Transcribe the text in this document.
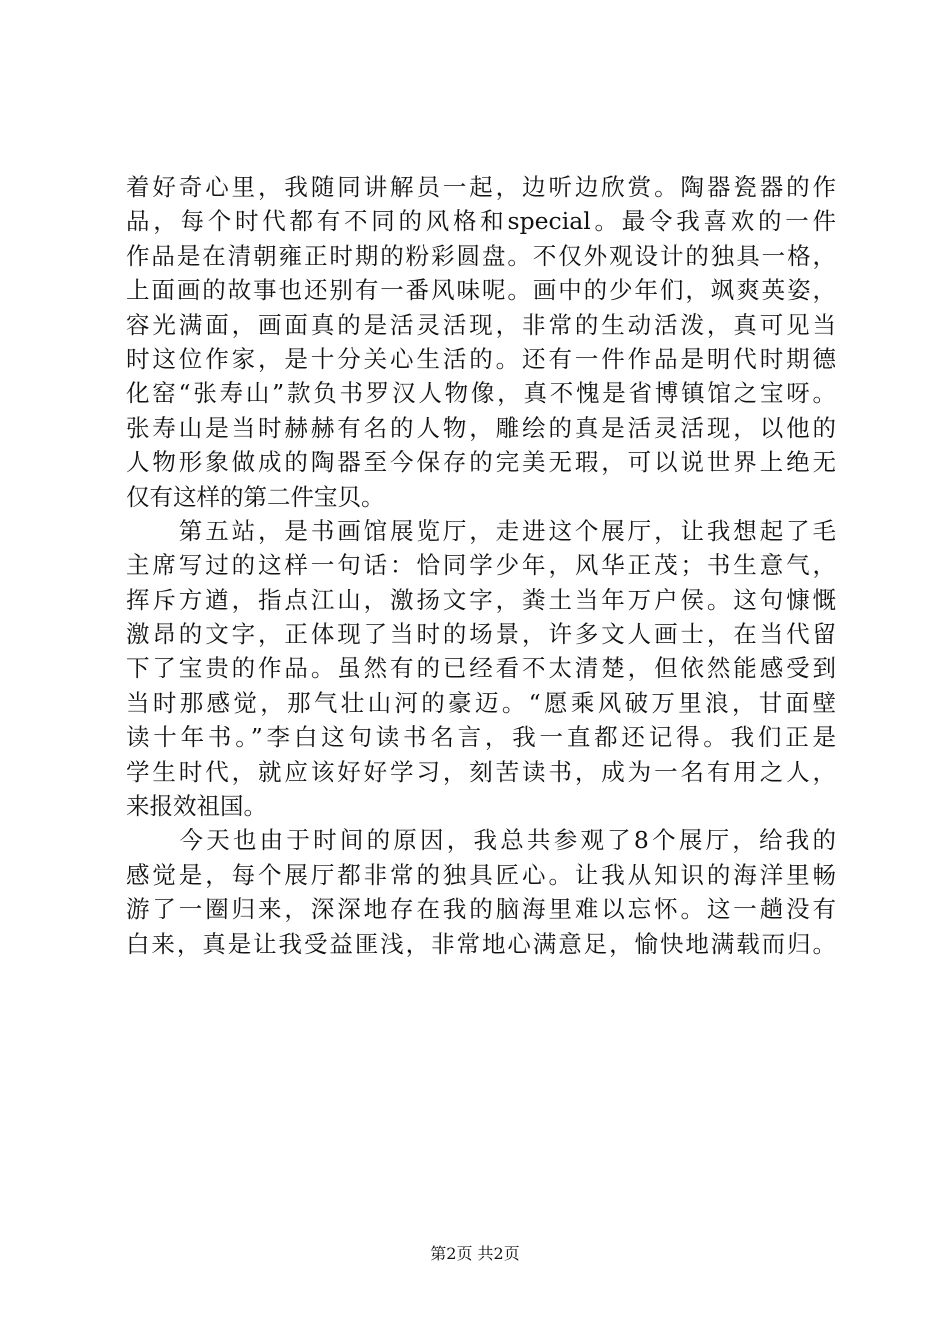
着好奇心里，我随同讲解员一起，边听边欣赏。陶器瓷器的作
品，每个时代都有不同的风格和special。最令我喜欢的一件
作品是在清朝雍正时期的粉彩圆盘。不仅外观设计的独具一格，
上面画的故事也还别有一番风味呢。画中的少年们，飒爽英姿，
容光满面，画面真的是活灵活现，非常的生动活泼，真可见当
时这位作家，是十分关心生活的。还有一件作品是明代时期德
化窑“张寿山”款负书罗汉人物像，真不愧是省博镇馆之宝呀。
张寿山是当时赫赫有名的人物，雕绘的真是活灵活现，以他的
人物形象做成的陶器至今保存的完美无瑕，可以说世界上绝无
仅有这样的第二件宝贝。
　　第五站，是书画馆展览厅，走进这个展厅，让我想起了毛
主席写过的这样一句话：恰同学少年，风华正茂；书生意气，
挥斥方遒，指点江山，激扬文字，粪土当年万户侯。这句慷慨
激昂的文字，正体现了当时的场景，许多文人画士，在当代留
下了宝贵的作品。虽然有的已经看不太清楚，但依然能感受到
当时那感觉，那气壮山河的豪迈。“愿乘风破万里浪，甘面壁
读十年书。”李白这句读书名言，我一直都还记得。我们正是
学生时代，就应该好好学习，刻苦读书，成为一名有用之人，
来报效祖国。
　　今天也由于时间的原因，我总共参观了8个展厅，给我的
感觉是，每个展厅都非常的独具匠心。让我从知识的海洋里畅
游了一圈归来，深深地存在我的脑海里难以忘怀。这一趟没有
白来，真是让我受益匪浅，非常地心满意足，愉快地满载而归。
第2页 共2页
